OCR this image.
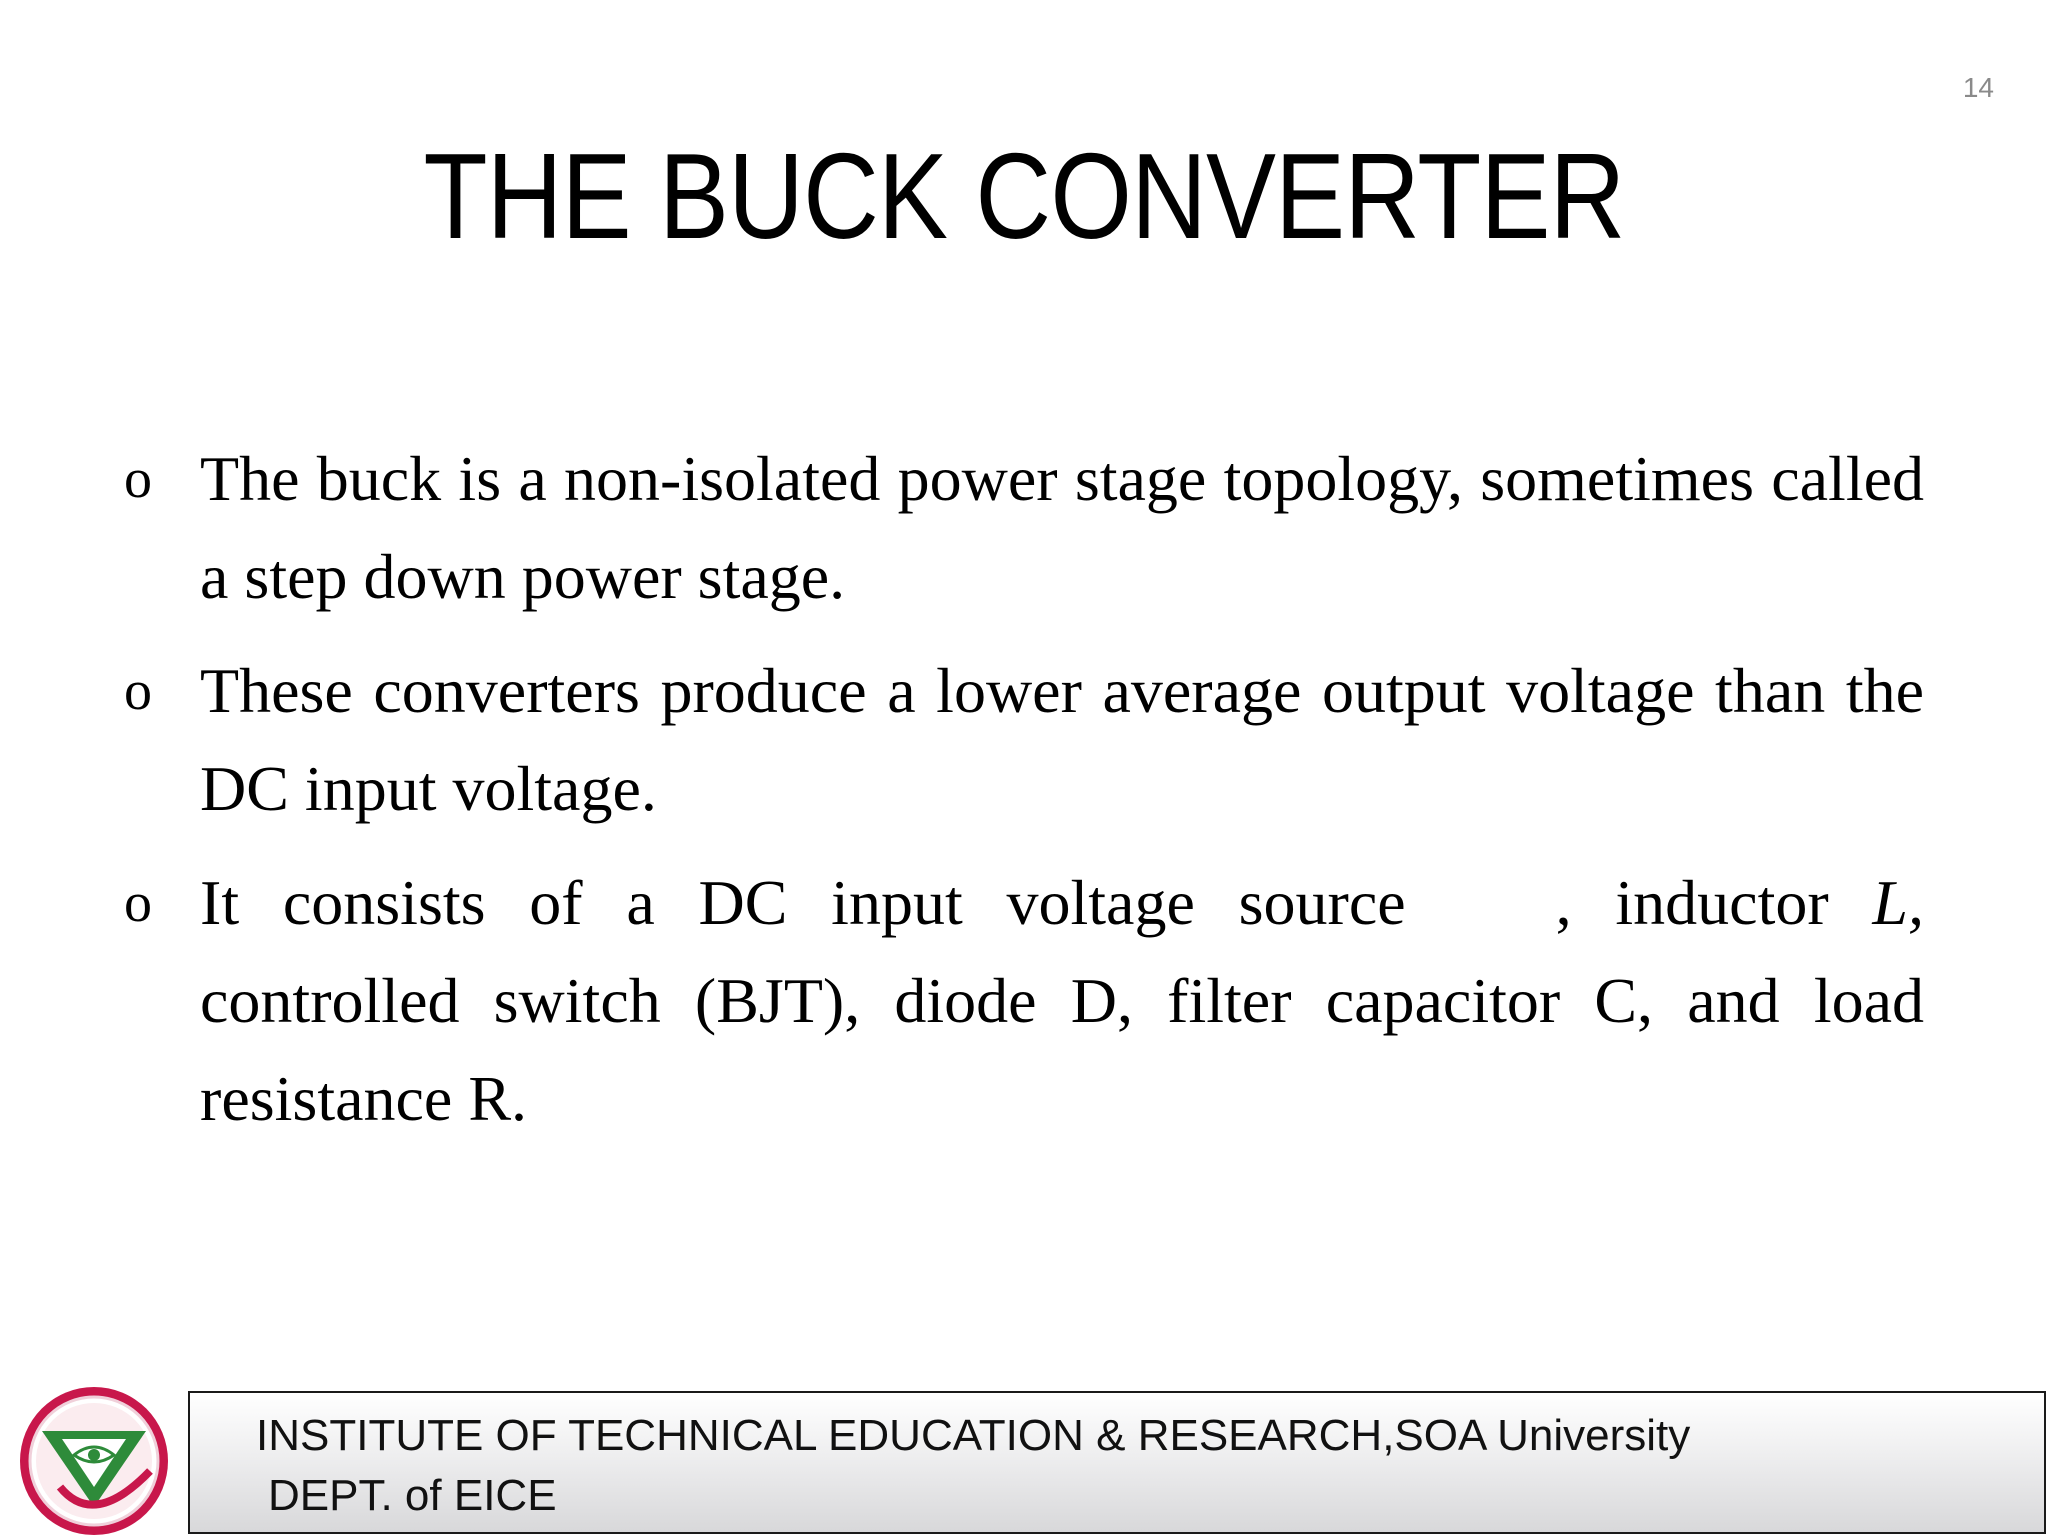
14
THE BUCK CONVERTER
o The buck is a non-isolated power stage topology, sometimes called a step down power stage.
o These converters produce a lower average output voltage than the DC input voltage.
o It consists of a DC input voltage source , inductor L, controlled switch (BJT), diode D, filter capacitor C, and load resistance R.
INSTITUTE OF TECHNICAL EDUCATION & RESEARCH,SOA University
DEPT. of EICE
